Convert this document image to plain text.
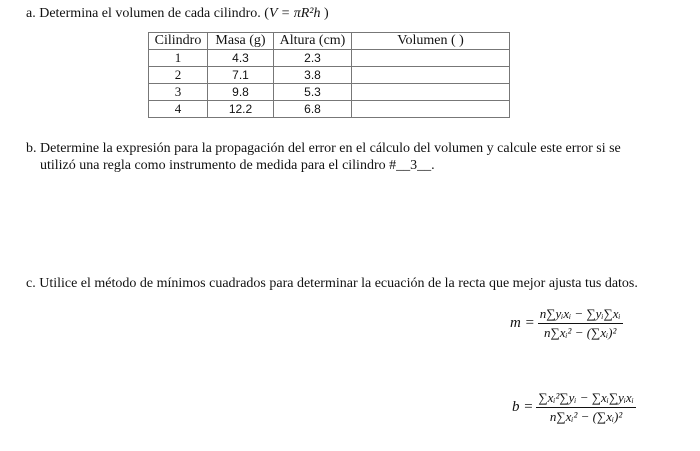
a. Determina el volumen de cada cilindro. (V = πR²h )
Cilindro	Masa (g)	Altura (cm)	Volumen ( )
1	4.3	2.3	
2	7.1	3.8	
3	9.8	5.3	
4	12.2	6.8	
b. Determine la expresión para la propagación del error en el cálculo del volumen y calcule este error si se
utilizó una regla como instrumento de medida para el cilindro #__3__.
c. Utilice el método de mínimos cuadrados para determinar la ecuación de la recta que mejor ajusta tus datos.
$m = \frac{\text{n∑yᵢxᵢ − ∑yᵢ∑xᵢ}}{\text{n∑xᵢ² − (∑xᵢ)²}}$
$b = \frac{\text{∑xᵢ²∑yᵢ − ∑xᵢ∑yᵢxᵢ}}{\text{n∑xᵢ² − (∑xᵢ)²}}$
